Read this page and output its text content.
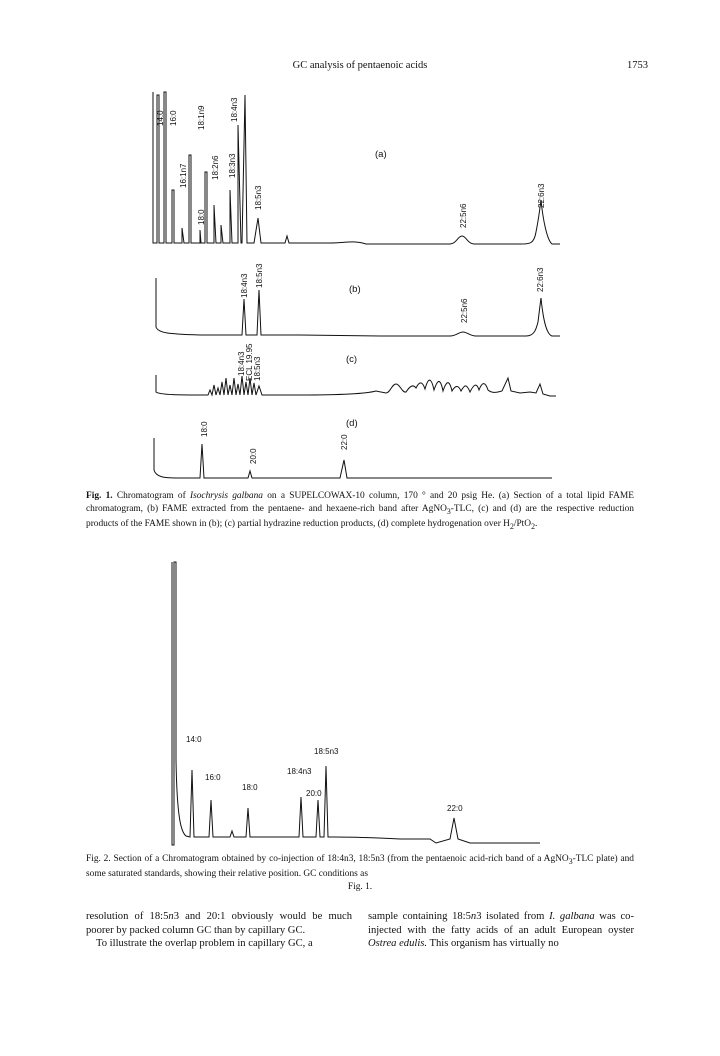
GC analysis of pentaenoic acids	1753
(a)
14:0 16:0
16:1n7
18:0
18:1n9
18:2n6 18:3n3
18:4n3
18:5n3
22:5n6
22:6n3
(b)
18:4n3 18:5n3
22:5n6
22:6n3
(c)
18:4n3 ECL 19.95 18:5n3
(d)
18:0
20:0
22:0
Fig. 1. Chromatogram of Isochrysis galbana on a SUPELCOWAX-10 column, 170 ° and 20 psig He. (a) Section of a total lipid FAME chromatogram, (b) FAME extracted from the pentaene- and hexaene-rich band after AgNO$_3$-TLC, (c) and (d) are the respective reduction products of the FAME shown in (b); (c) partial hydrazine reduction products, (d) complete hydrogenation over $H_2/PtO_2$.
14:0
16:0
18:0
18:4n3
20:0
18:5n3
22:0
Fig. 2. Section of a Chromatogram obtained by co-injection of 18:4n3, 18:5n3 (from the pentaenoic acid-rich band of a AgNO$_3$-TLC plate) and some saturated standards, showing their relative position. GC conditions as
Fig. 1.

resolution of 18:5n3 and 20:1 obviously would be much poorer by packed column GC than by capillary GC.

To illustrate the overlap problem in capillary GC, a

sample containing 18:5n3 isolated from I. galbana was co-injected with the fatty acids of an adult European oyster Ostrea edulis. This organism has virtually no
